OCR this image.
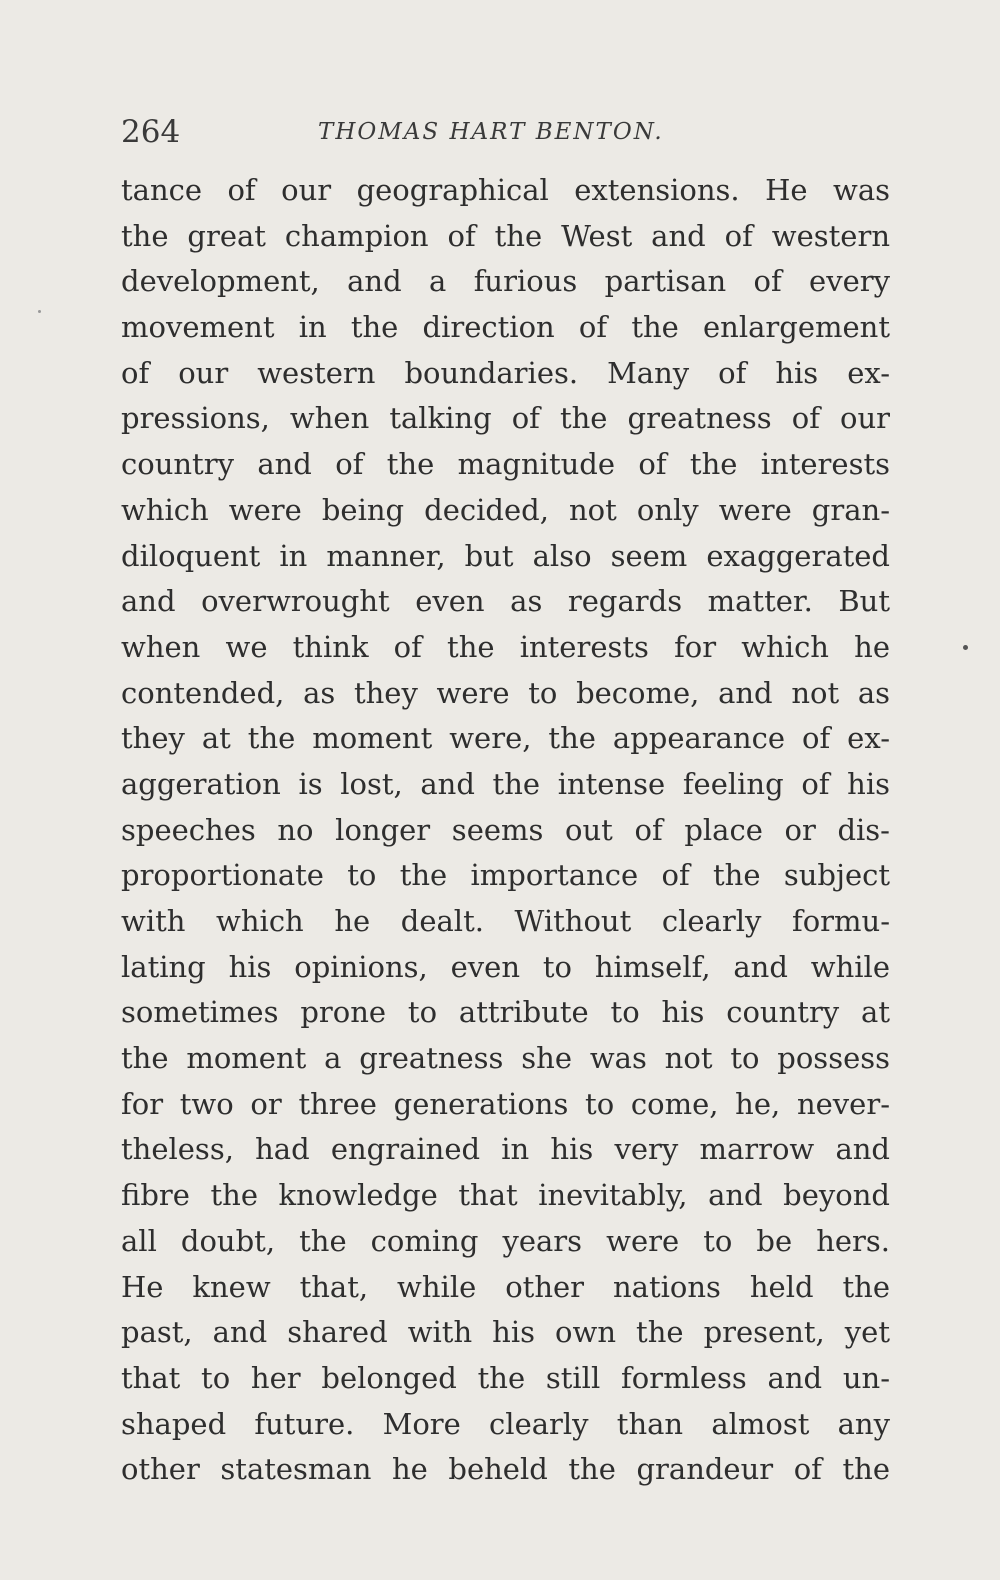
264	THOMAS HART BENTON.
tance of our geographical extensions. He was
the great champion of the West and of western
development, and a furious partisan of every
movement in the direction of the enlargement
of our western boundaries. Many of his ex-
pressions, when talking of the greatness of our
country and of the magnitude of the interests
which were being decided, not only were gran-
diloquent in manner, but also seem exaggerated
and overwrought even as regards matter. But
when we think of the interests for which he
contended, as they were to become, and not as
they at the moment were, the appearance of ex-
aggeration is lost, and the intense feeling of his
speeches no longer seems out of place or dis-
proportionate to the importance of the subject
with which he dealt. Without clearly formu-
lating his opinions, even to himself, and while
sometimes prone to attribute to his country at
the moment a greatness she was not to possess
for two or three generations to come, he, never-
theless, had engrained in his very marrow and
fibre the knowledge that inevitably, and beyond
all doubt, the coming years were to be hers.
He knew that, while other nations held the
past, and shared with his own the present, yet
that to her belonged the still formless and un-
shaped future. More clearly than almost any
other statesman he beheld the grandeur of the
